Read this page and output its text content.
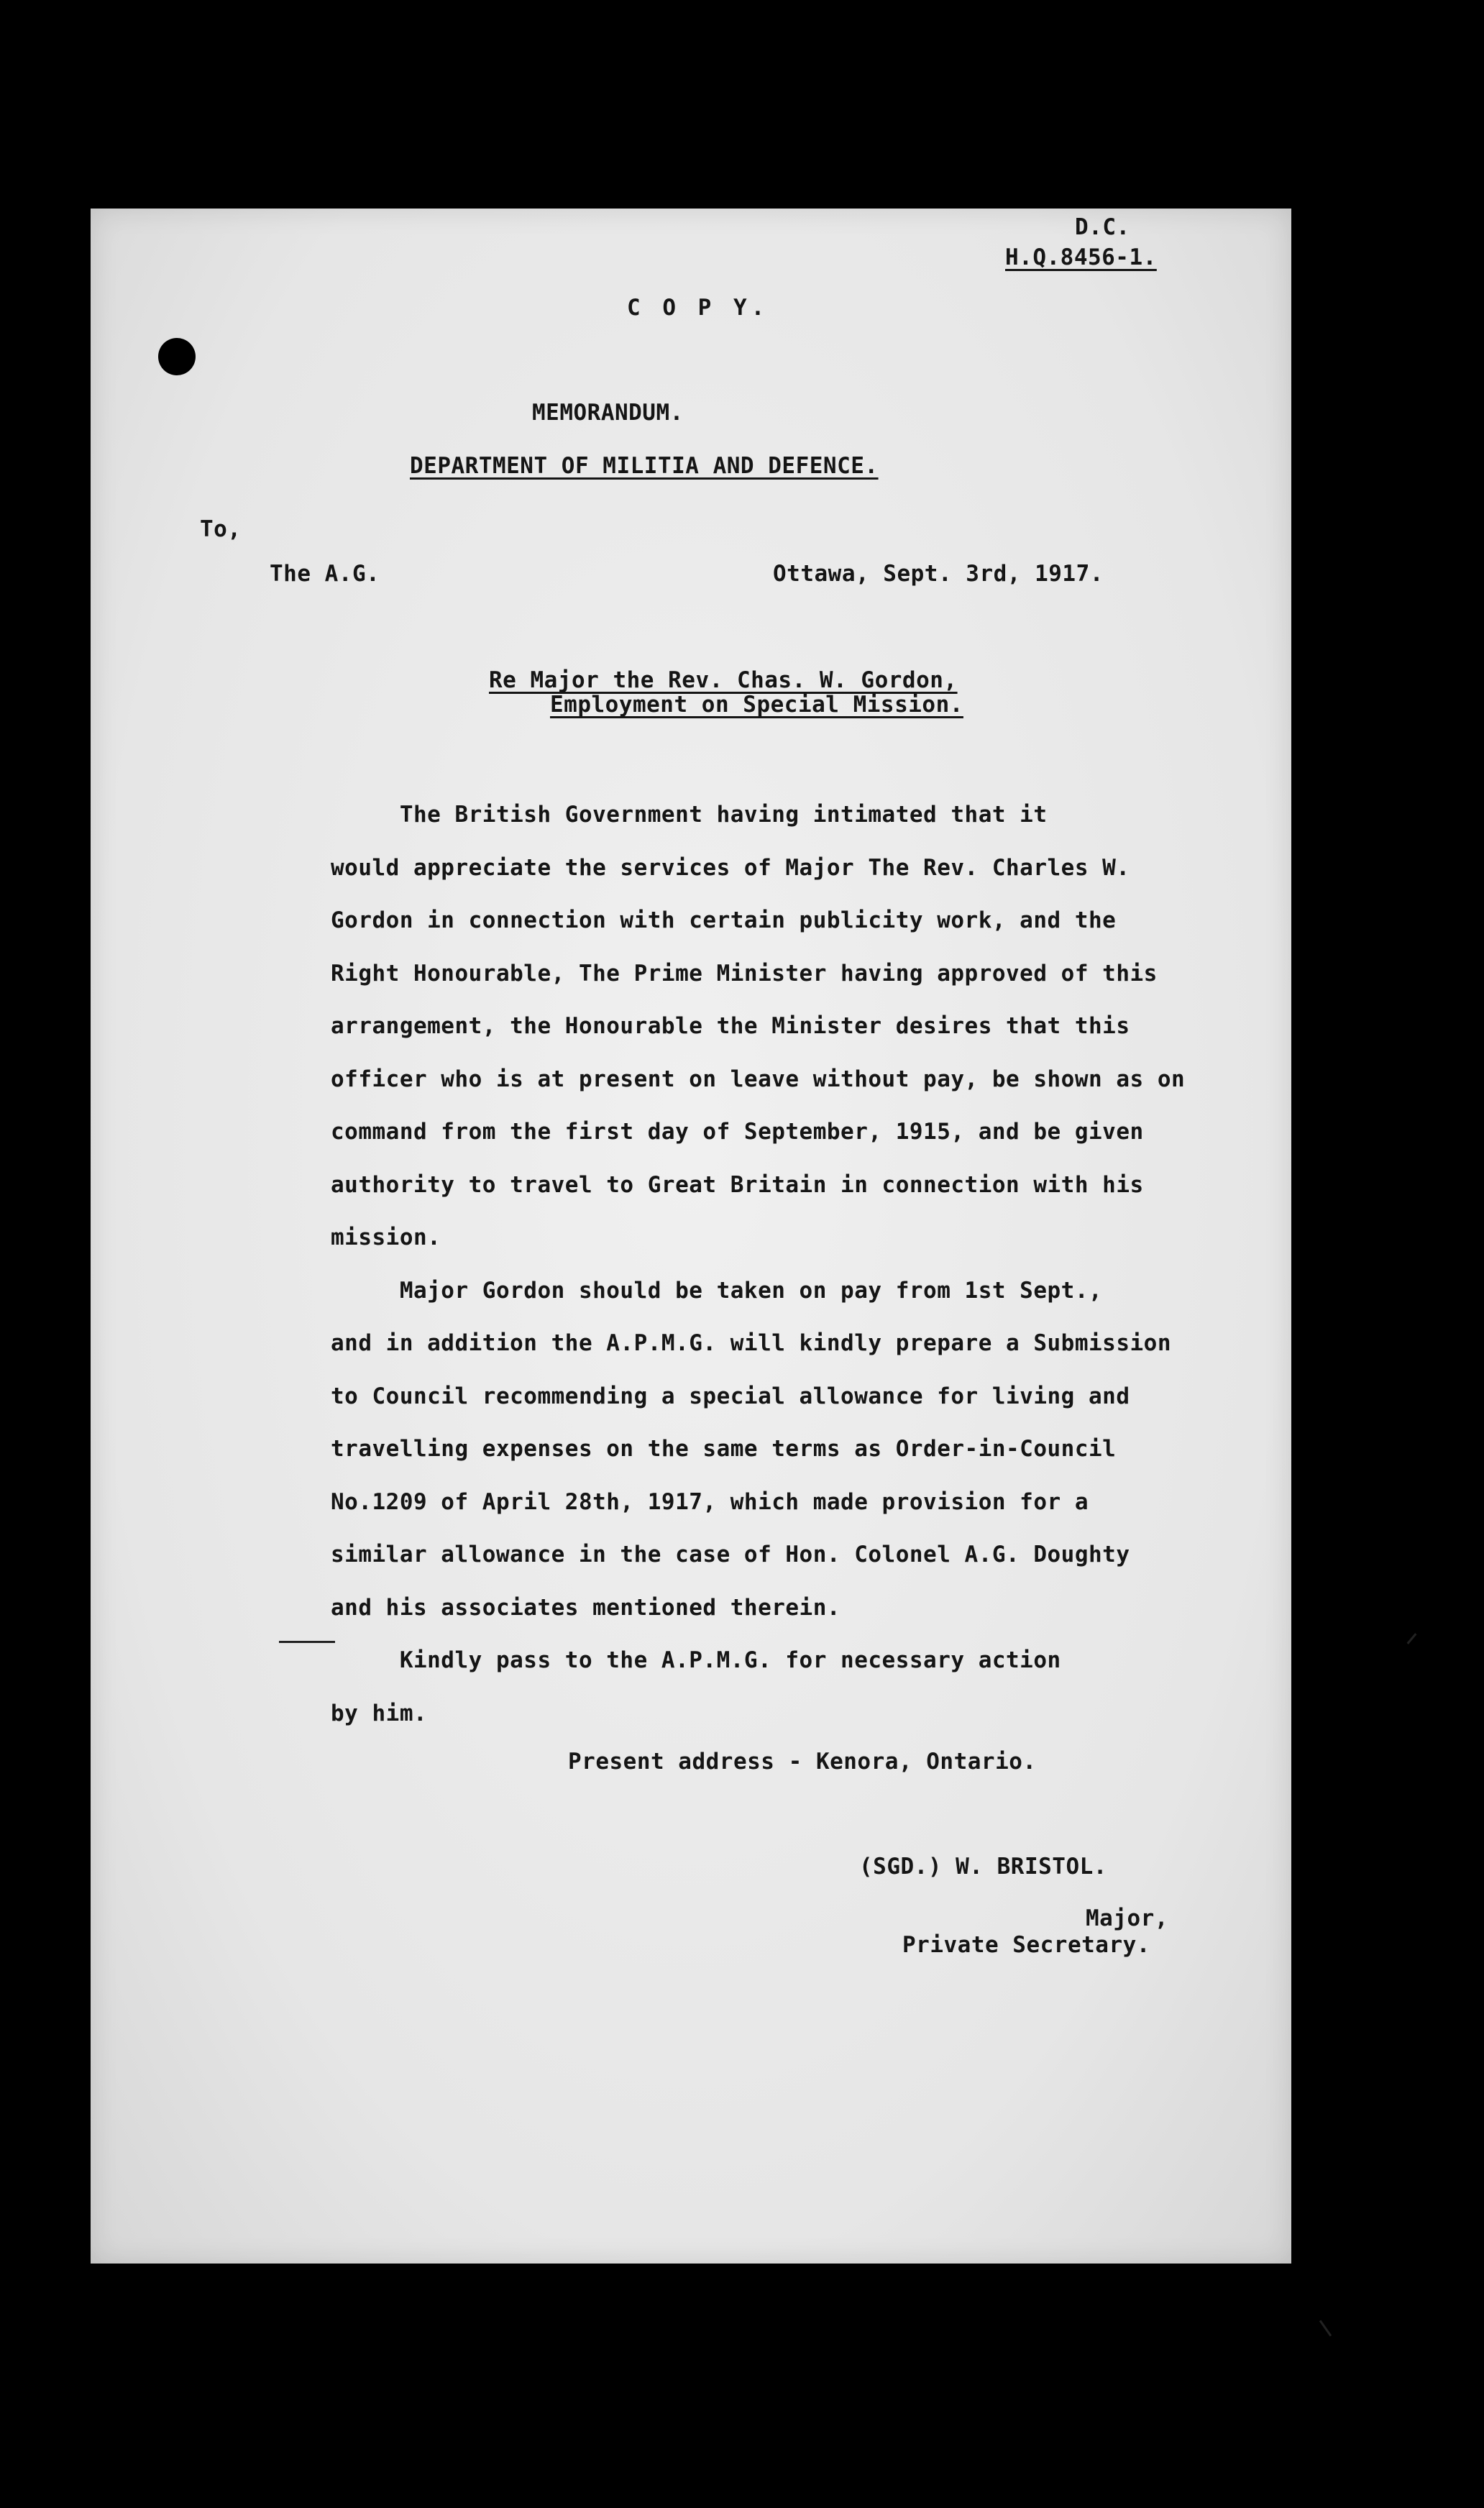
D.C.
H.Q.8456-1.
C O P Y.
MEMORANDUM.
DEPARTMENT OF MILITIA AND DEFENCE.
To,
The A.G.	Ottawa, Sept. 3rd, 1917.
Re Major the Rev. Chas. W. Gordon,
Employment on Special Mission.

The British Government having intimated that it

would appreciate the services of Major The Rev. Charles W.

Gordon in connection with certain publicity work, and the

Right Honourable, The Prime Minister having approved of this

arrangement, the Honourable the Minister desires that this

officer who is at present on leave without pay, be shown as on

command from the first day of September, 1915, and be given

authority to travel to Great Britain in connection with his

mission.

Major Gordon should be taken on pay from 1st Sept.,

and in addition the A.P.M.G. will kindly prepare a Submission

to Council recommending a special allowance for living and

travelling expenses on the same terms as Order-in-Council

No.1209 of April 28th, 1917, which made provision for a

similar allowance in the case of Hon. Colonel A.G. Doughty

and his associates mentioned therein.

Kindly pass to the A.P.M.G. for necessary action

by him.

Present address - Kenora, Ontario.
(SGD.) W. BRISTOL.
Major,
Private Secretary.
